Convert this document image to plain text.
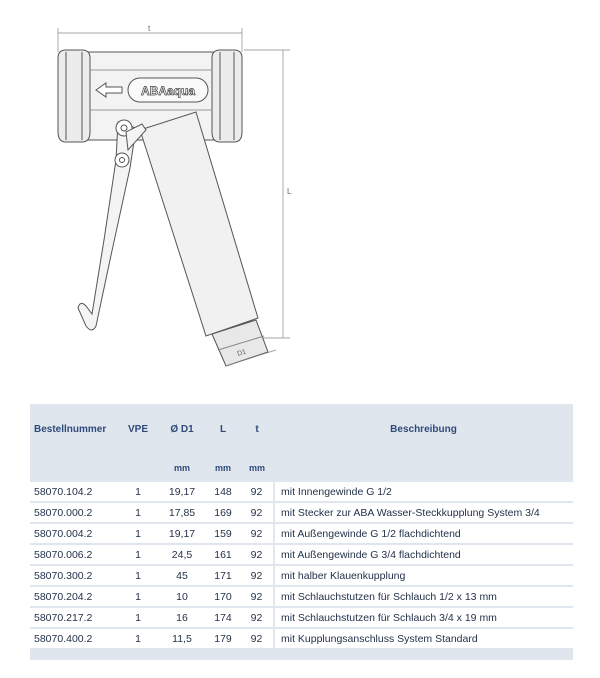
t
L
D1
ABAaqua
Bestellnummer	VPE	Ø D1	L	t	Beschreibung
		mm	mm	mm	
58070.104.2	1	19,17	148	92	mit Innengewinde G 1/2
58070.000.2	1	17,85	169	92	mit Stecker zur ABA Wasser-Steckkupplung System 3/4
58070.004.2	1	19,17	159	92	mit Außengewinde G 1/2 flachdichtend
58070.006.2	1	24,5	161	92	mit Außengewinde G 3/4 flachdichtend
58070.300.2	1	45	171	92	mit halber Klauenkupplung
58070.204.2	1	10	170	92	mit Schlauchstutzen für Schlauch 1/2 x 13 mm
58070.217.2	1	16	174	92	mit Schlauchstutzen für Schlauch 3/4 x 19 mm
58070.400.2	1	11,5	179	92	mit Kupplungsanschluss System Standard
